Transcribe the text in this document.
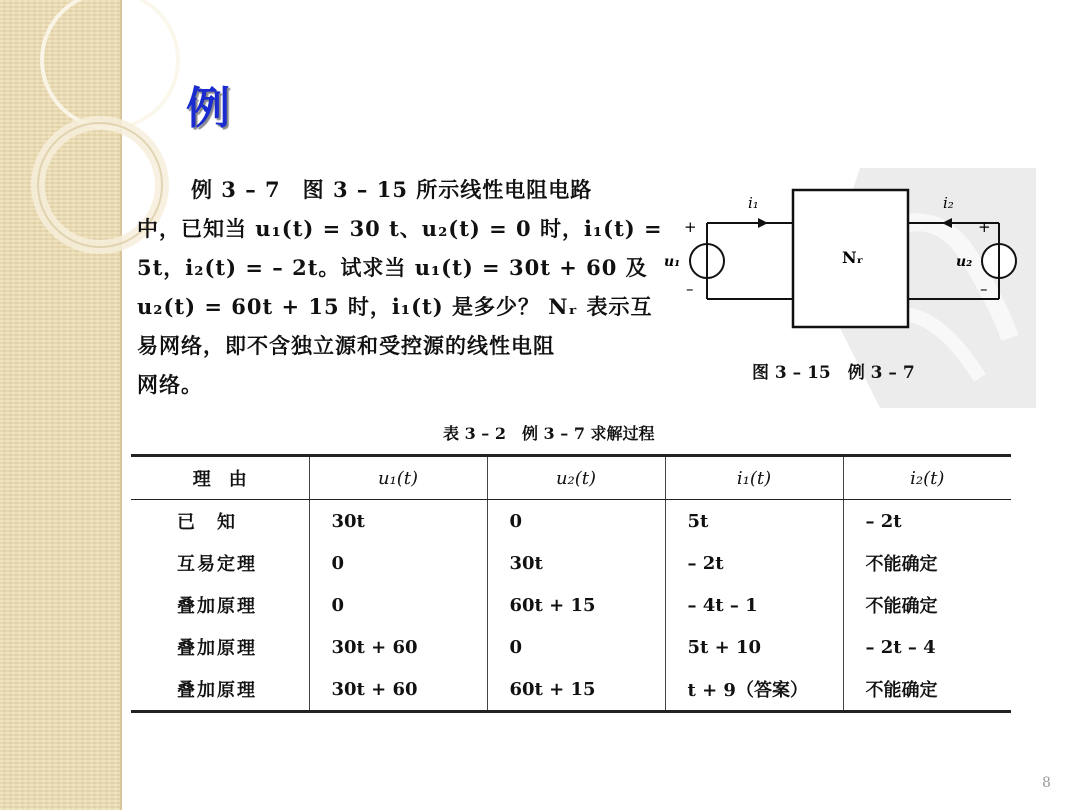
例
例 3 – 7　图 3 – 15 所示线性电阻电路
中，已知当 u₁(t) = 30 t、u₂(t) = 0 时，i₁(t) =
5t，i₂(t) = – 2t。试求当 u₁(t) = 30t + 60 及
u₂(t) = 60t + 15 时，i₁(t) 是多少？ Nᵣ 表示互
易网络，即不含独立源和受控源的线性电阻
网络。
Nᵣ
i₁
+
–
u₁
i₂
+
–
u₂
图 3 – 15　例 3 – 7
表 3 – 2　例 3 – 7 求解过程
理　由	u₁(t)	u₂(t)	i₁(t)	i₂(t)
已　知	30t	0	5t	– 2t
互易定理	0	30t	– 2t	不能确定
叠加原理	0	60t + 15	– 4t – 1	不能确定
叠加原理	30t + 60	0	5t + 10	– 2t – 4
叠加原理	30t + 60	60t + 15	t + 9（答案）	不能确定
8
